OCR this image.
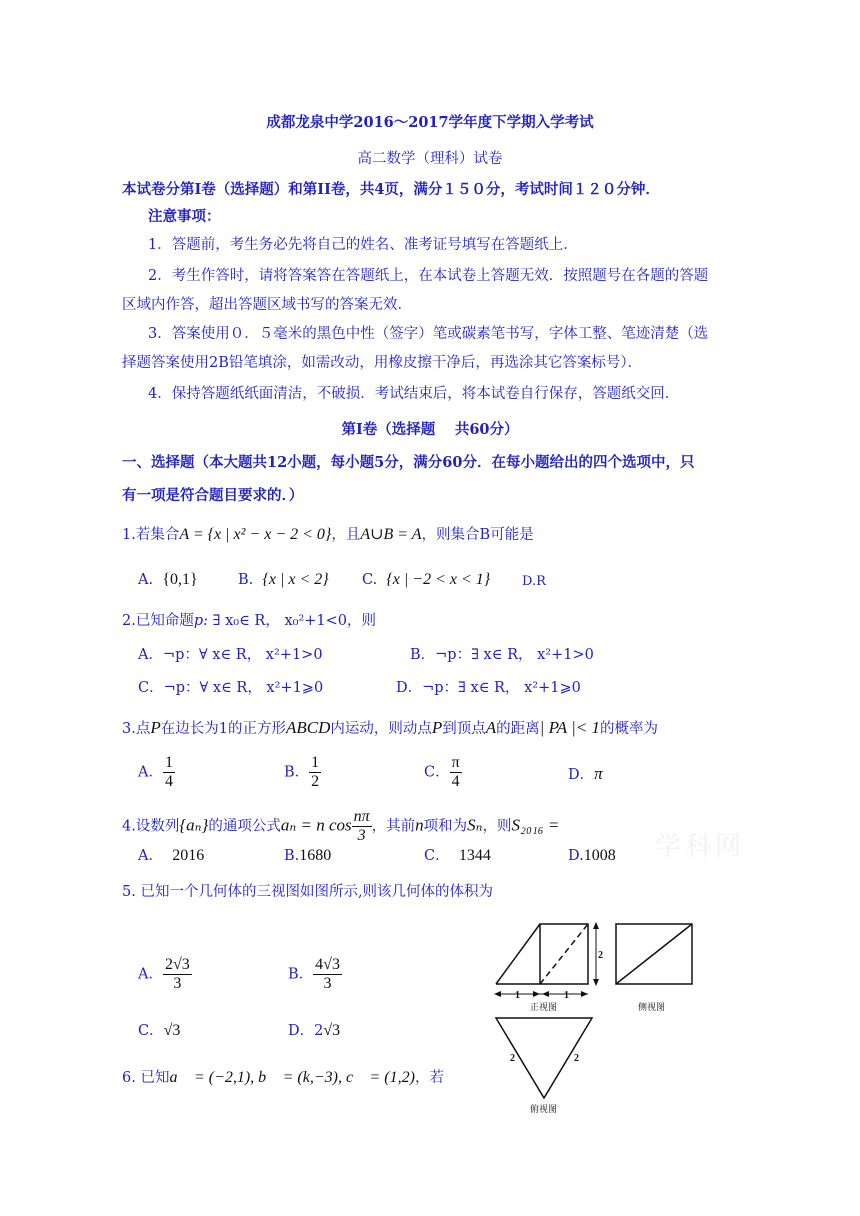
成都龙泉中学2016～2017学年度下学期入学考试
高二数学（理科）试卷
本试卷分第Ⅰ卷（选择题）和第II卷，共4页，满分１５０分，考试时间１２０分钟．
注意事项：
1．答题前，考生务必先将自己的姓名、准考证号填写在答题纸上．
2．考生作答时，请将答案答在答题纸上，在本试卷上答题无效．按照题号在各题的答题
区域内作答，超出答题区域书写的答案无效．
3．答案使用０．５毫米的黑色中性（签字）笔或碳素笔书写，字体工整、笔迹清楚（选
择题答案使用2B铅笔填涂，如需改动，用橡皮擦干净后，再选涂其它答案标号）．
4．保持答题纸纸面清洁，不破损．考试结束后，将本试卷自行保存，答题纸交回．
第Ⅰ卷（选择题　 共60分）
一、选择题（本大题共12小题，每小题5分，满分60分．在每小题给出的四个选项中，只
有一项是符合题目要求的．）
1.若集合A = {x | x² − x − 2 < 0}，且A∪B = A，则集合B可能是
A. {0,1}	B. {x | x < 2} C. {x | −2 < x < 1} D.R
2.已知命题p: ∃ x₀∈ R， x₀²+1<0，则
A．¬p：∀ x∈ R， x²+1>0	B．¬p：∃ x∈ R， x²+1>0
C．¬p：∀ x∈ R， x²+1⩾0	D．¬p：∃ x∈ R， x²+1⩾0
3.点P在边长为1的正方形ABCD内运动，则动点P到顶点A的距离| PA |< 1的概率为
A． $\frac{1}{4}$	B． $\frac{1}{2}$	C． $\frac{\pi}{4}$	D．π
4.设数列{aₙ}的通项公式aₙ = n $\cos \frac{n\pi}{3}$ ，其前n项和为Sₙ，则S₂₀₁₆ =
A． 2016	B.1680	C． 1344	D.1008 学科网
5. 已知一个几何体的三视图如图所示,则该几何体的体积为
A． $\frac{2√3}{3}$	B． $\frac{4√3}{3}$
C．√3	D．2√3
2
1	1
正视图	侧视图
2	2
俯视图
6. 已知a⃗ = (−2,1), b⃗ = (k,−3), c⃗ = (1,2)，若
